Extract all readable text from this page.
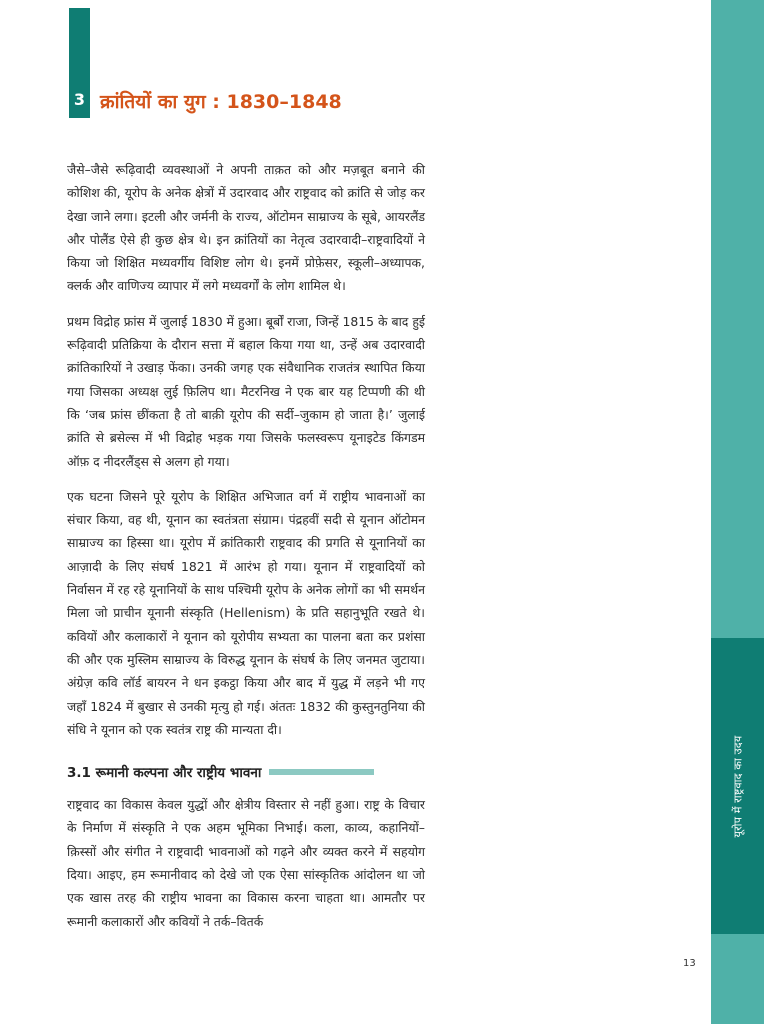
यूरोप में राष्ट्रवाद का उदय
3 क्रांतियों का युग : 1830–1848

जैसे–जैसे रूढ़िवादी व्यवस्थाओं ने अपनी ताक़त को और मज़बूत बनाने की कोशिश की, यूरोप के अनेक क्षेत्रों में उदारवाद और राष्ट्रवाद को क्रांति से जोड़ कर देखा जाने लगा। इटली और जर्मनी के राज्य, ऑटोमन साम्राज्य के सूबे, आयरलैंड और पोलैंड ऐसे ही कुछ क्षेत्र थे। इन क्रांतियों का नेतृत्व उदारवादी–राष्ट्रवादियों ने किया जो शिक्षित मध्यवर्गीय विशिष्ट लोग थे। इनमें प्रोफ़ेसर, स्कूली–अध्यापक, क्लर्क और वाणिज्य व्यापार में लगे मध्यवर्गों के लोग शामिल थे।

प्रथम विद्रोह फ्रांस में जुलाई 1830 में हुआ। बूर्बों राजा, जिन्हें 1815 के बाद हुई रूढ़िवादी प्रतिक्रिया के दौरान सत्ता में बहाल किया गया था, उन्हें अब उदारवादी क्रांतिकारियों ने उखाड़ फेंका। उनकी जगह एक संवैधानिक राजतंत्र स्थापित किया गया जिसका अध्यक्ष लुई फ़िलिप था। मैटरनिख ने एक बार यह टिप्पणी की थी कि ‘जब फ्रांस छींकता है तो बाक़ी यूरोप की सर्दी–जुकाम हो जाता है।’ जुलाई क्रांति से ब्रसेल्स में भी विद्रोह भड़क गया जिसके फलस्वरूप यूनाइटेड किंगडम ऑफ़ द नीदरलैंड्स से अलग हो गया।

एक घटना जिसने पूरे यूरोप के शिक्षित अभिजात वर्ग में राष्ट्रीय भावनाओं का संचार किया, वह थी, यूनान का स्वतंत्रता संग्राम। पंद्रहवीं सदी से यूनान ऑटोमन साम्राज्य का हिस्सा था। यूरोप में क्रांतिकारी राष्ट्रवाद की प्रगति से यूनानियों का आज़ादी के लिए संघर्ष 1821 में आरंभ हो गया। यूनान में राष्ट्रवादियों को निर्वासन में रह रहे यूनानियों के साथ पश्चिमी यूरोप के अनेक लोगों का भी समर्थन मिला जो प्राचीन यूनानी संस्कृति (Hellenism) के प्रति सहानुभूति रखते थे। कवियों और कलाकारों ने यूनान को यूरोपीय सभ्यता का पालना बता कर प्रशंसा की और एक मुस्लिम साम्राज्य के विरुद्ध यूनान के संघर्ष के लिए जनमत जुटाया। अंग्रेज़ कवि लॉर्ड बायरन ने धन इकट्ठा किया और बाद में युद्ध में लड़ने भी गए जहाँ 1824 में बुखार से उनकी मृत्यु हो गई। अंततः 1832 की कुस्तुनतुनिया की संधि ने यूनान को एक स्वतंत्र राष्ट्र की मान्यता दी।

3.1 रूमानी कल्पना और राष्ट्रीय भावना

राष्ट्रवाद का विकास केवल युद्धों और क्षेत्रीय विस्तार से नहीं हुआ। राष्ट्र के विचार के निर्माण में संस्कृति ने एक अहम भूमिका निभाई। कला, काव्य, कहानियों–क़िस्सों और संगीत ने राष्ट्रवादी भावनाओं को गढ़ने और व्यक्त करने में सहयोग दिया। आइए, हम रूमानीवाद को देखे जो एक ऐसा सांस्कृतिक आंदोलन था जो एक खास तरह की राष्ट्रीय भावना का विकास करना चाहता था। आमतौर पर रूमानी कलाकारों और कवियों ने तर्क–वितर्क

13
